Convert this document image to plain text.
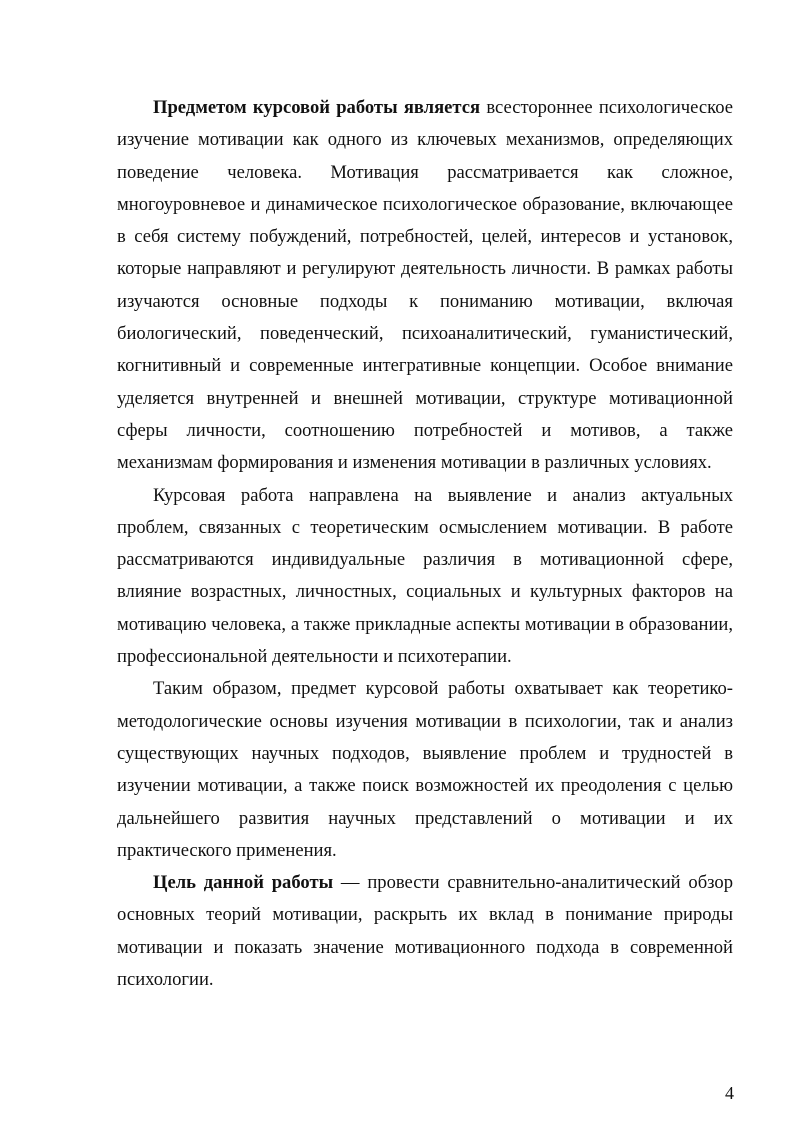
Предметом курсовой работы является всестороннее психологическое изучение мотивации как одного из ключевых механизмов, определяющих поведение человека. Мотивация рассматривается как сложное, многоуровневое и динамическое психологическое образование, включающее в себя систему побуждений, потребностей, целей, интересов и установок, которые направляют и регулируют деятельность личности. В рамках работы изучаются основные подходы к пониманию мотивации, включая биологический, поведенческий, психоаналитический, гуманистический, когнитивный и современные интегративные концепции. Особое внимание уделяется внутренней и внешней мотивации, структуре мотивационной сферы личности, соотношению потребностей и мотивов, а также механизмам формирования и изменения мотивации в различных условиях.

Курсовая работа направлена на выявление и анализ актуальных проблем, связанных с теоретическим осмыслением мотивации. В работе рассматриваются индивидуальные различия в мотивационной сфере, влияние возрастных, личностных, социальных и культурных факторов на мотивацию человека, а также прикладные аспекты мотивации в образовании, профессиональной деятельности и психотерапии.

Таким образом, предмет курсовой работы охватывает как теоретико-методологические основы изучения мотивации в психологии, так и анализ существующих научных подходов, выявление проблем и трудностей в изучении мотивации, а также поиск возможностей их преодоления с целью дальнейшего развития научных представлений о мотивации и их практического применения.

Цель данной работы — провести сравнительно-аналитический обзор основных теорий мотивации, раскрыть их вклад в понимание природы мотивации и показать значение мотивационного подхода в современной психологии.

4
